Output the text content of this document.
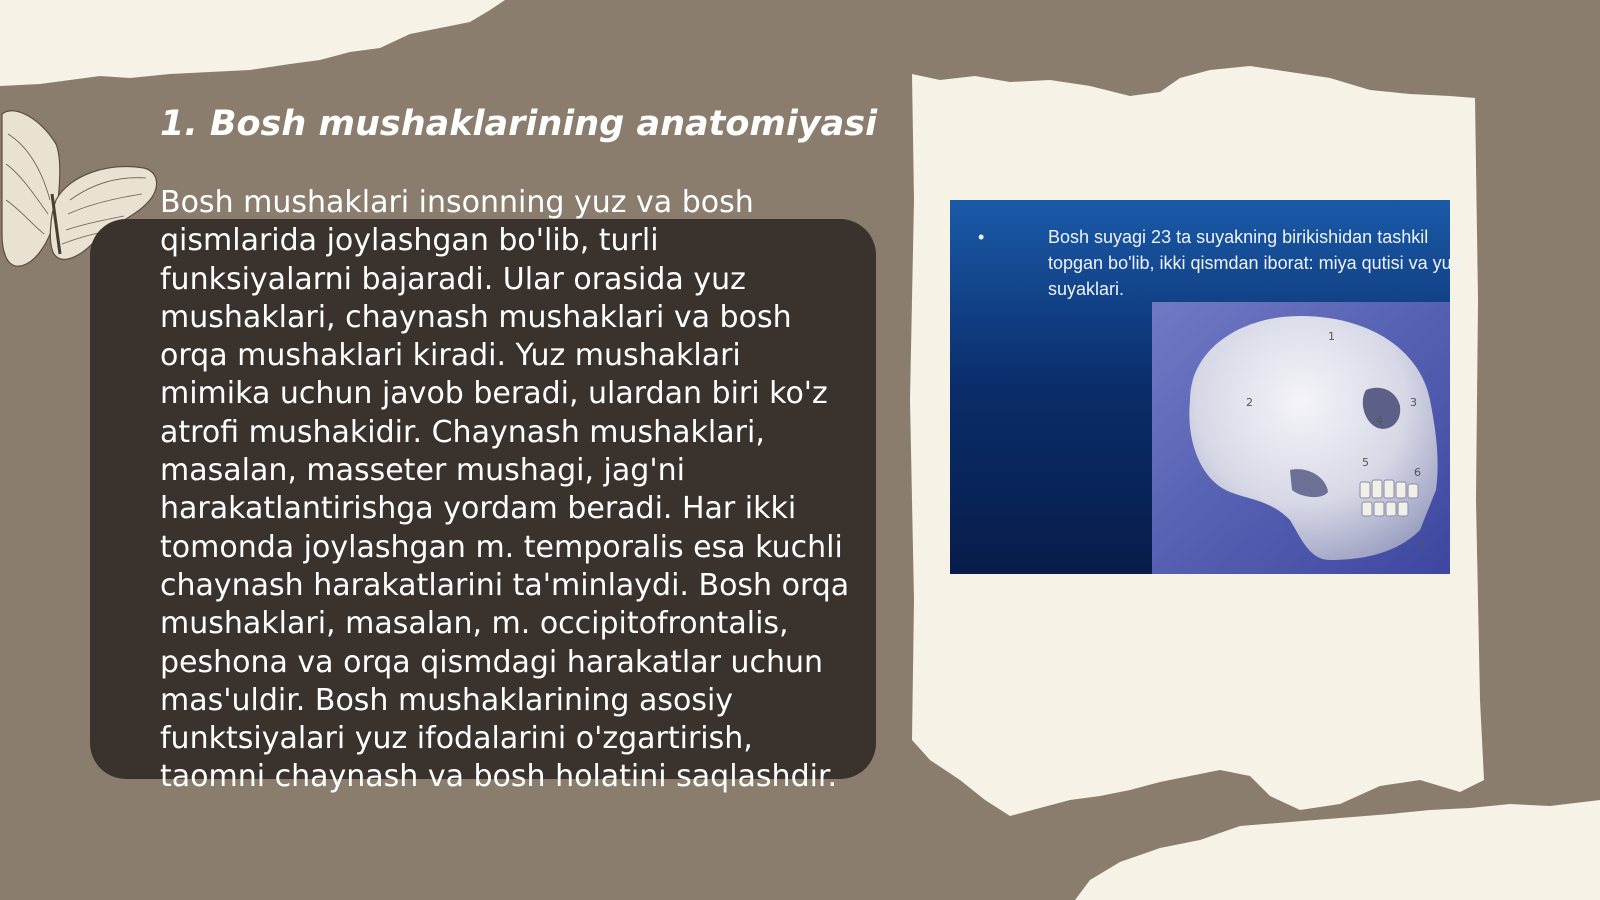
1. Bosh mushaklarining anatomiyasi
Bosh mushaklari insonning yuz va bosh qismlarida joylashgan bo'lib, turli funksiyalarni bajaradi. Ular orasida yuz mushaklari, chaynash mushaklari va bosh orqa mushaklari kiradi. Yuz mushaklari mimika uchun javob beradi, ulardan biri ko'z atrofi mushakidir. Chaynash mushaklari, masalan, masseter mushagi, jag'ni harakatlantirishga yordam beradi. Har ikki tomonda joylashgan m. temporalis esa kuchli chaynash harakatlarini ta'minlaydi. Bosh orqa mushaklari, masalan, m. occipitofrontalis, peshona va orqa qismdagi harakatlar uchun mas'uldir. Bosh mushaklarining asosiy funktsiyalari yuz ifodalarini o'zgartirish, taomni chaynash va bosh holatini saqlashdir.
1
2	3
4
5
6
7
•	Bosh suyagi 23 ta suyakning birikishidan tashkil topgan bo'lib, ikki qismdan iborat: miya qutisi va yuz suyaklari.
